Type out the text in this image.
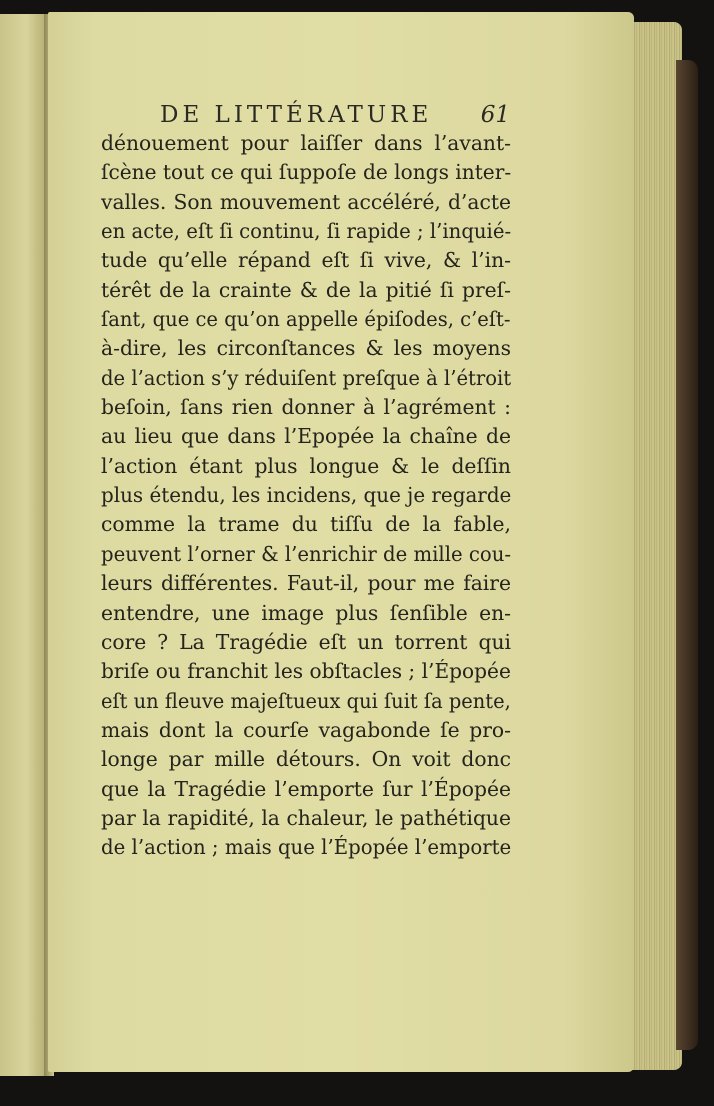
DE LITTÉRATURE 61
dénouement pour laiſſer dans l’avant-
ſcène tout ce qui ſuppoſe de longs inter-
valles. Son mouvement accéléré, d’acte
en acte, eſt ſi continu, ſi rapide ; l’inquié-
tude qu’elle répand eſt ſi vive, & l’in-
térêt de la crainte & de la pitié ſi preſ-
ſant, que ce qu’on appelle épiſodes, c’eſt-
à-dire, les circonſtances & les moyens
de l’action s’y réduiſent preſque à l’étroit
beſoin, ſans rien donner à l’agrément :
au lieu que dans l’Epopée la chaîne de
l’action étant plus longue & le deſſin
plus étendu, les incidens, que je regarde
comme la trame du tiſſu de la fable,
peuvent l’orner & l’enrichir de mille cou-
leurs différentes. Faut-il, pour me faire
entendre, une image plus ſenſible en-
core ? La Tragédie eſt un torrent qui
briſe ou franchit les obſtacles ; l’Épopée
eſt un fleuve majeſtueux qui ſuit ſa pente,
mais dont la courſe vagabonde ſe pro-
longe par mille détours. On voit donc
que la Tragédie l’emporte ſur l’Épopée
par la rapidité, la chaleur, le pathétique
de l’action ; mais que l’Épopée l’emporte
